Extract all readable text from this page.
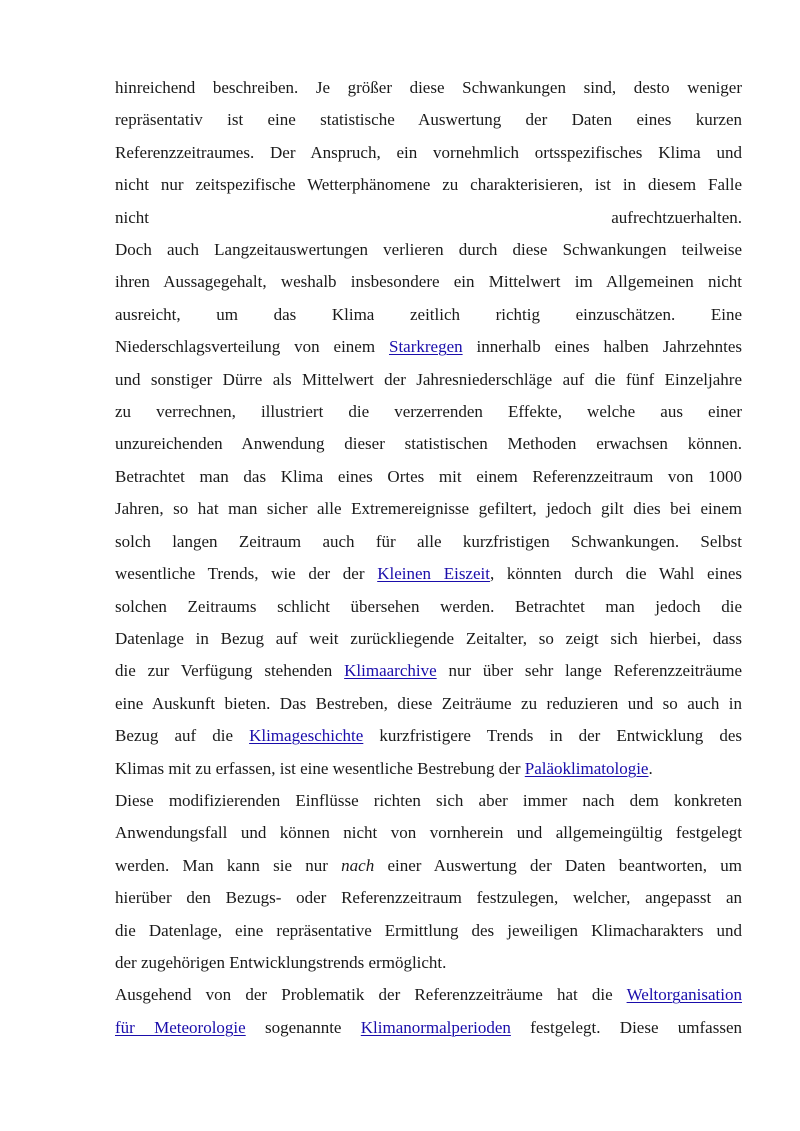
hinreichend beschreiben. Je größer diese Schwankungen sind, desto weniger
repräsentativ ist eine statistische Auswertung der Daten eines kurzen
Referenzzeitraumes. Der Anspruch, ein vornehmlich ortsspezifisches Klima und
nicht nur zeitspezifische Wetterphänomene zu charakterisieren, ist in diesem Falle
nicht	aufrechtzuerhalten.
Doch auch Langzeitauswertungen verlieren durch diese Schwankungen teilweise
ihren Aussagegehalt, weshalb insbesondere ein Mittelwert im Allgemeinen nicht
ausreicht, um das Klima zeitlich richtig einzuschätzen. Eine
Niederschlagsverteilung von einem Starkregen innerhalb eines halben Jahrzehntes
und sonstiger Dürre als Mittelwert der Jahresniederschläge auf die fünf Einzeljahre
zu verrechnen, illustriert die verzerrenden Effekte, welche aus einer
unzureichenden Anwendung dieser statistischen Methoden erwachsen können.
Betrachtet man das Klima eines Ortes mit einem Referenzzeitraum von 1000
Jahren, so hat man sicher alle Extremereignisse gefiltert, jedoch gilt dies bei einem
solch langen Zeitraum auch für alle kurzfristigen Schwankungen. Selbst
wesentliche Trends, wie der der Kleinen Eiszeit, könnten durch die Wahl eines
solchen Zeitraums schlicht übersehen werden. Betrachtet man jedoch die
Datenlage in Bezug auf weit zurückliegende Zeitalter, so zeigt sich hierbei, dass
die zur Verfügung stehenden Klimaarchive nur über sehr lange Referenzzeiträume
eine Auskunft bieten. Das Bestreben, diese Zeiträume zu reduzieren und so auch in
Bezug auf die Klimageschichte kurzfristigere Trends in der Entwicklung des
Klimas mit zu erfassen, ist eine wesentliche Bestrebung der Paläoklimatologie.
Diese modifizierenden Einflüsse richten sich aber immer nach dem konkreten
Anwendungsfall und können nicht von vornherein und allgemeingültig festgelegt
werden. Man kann sie nur nach einer Auswertung der Daten beantworten, um
hierüber den Bezugs- oder Referenzzeitraum festzulegen, welcher, angepasst an
die Datenlage, eine repräsentative Ermittlung des jeweiligen Klimacharakters und
der zugehörigen Entwicklungstrends ermöglicht.
Ausgehend von der Problematik der Referenzzeiträume hat die Weltorganisation
für Meteorologie sogenannte Klimanormalperioden festgelegt. Diese umfassen
